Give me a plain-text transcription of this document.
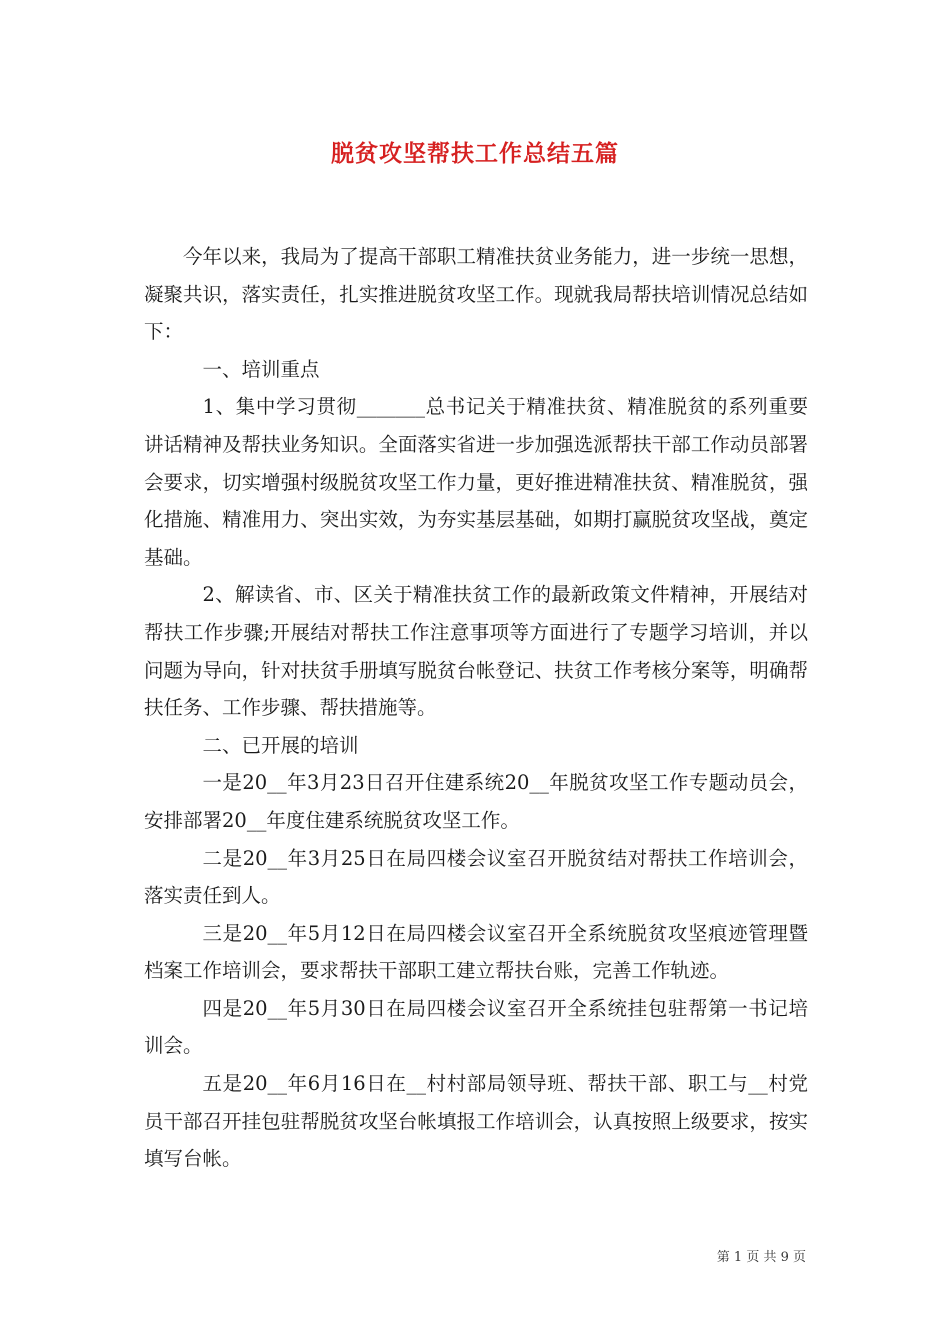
脱贫攻坚帮扶工作总结五篇

今年以来，我局为了提高干部职工精准扶贫业务能力，进一步统一思想，凝聚共识，落实责任，扎实推进脱贫攻坚工作。现就我局帮扶培训情况总结如下：

一、培训重点

1、集中学习贯彻_______总书记关于精准扶贫、精准脱贫的系列重要讲话精神及帮扶业务知识。全面落实省进一步加强选派帮扶干部工作动员部署会要求，切实增强村级脱贫攻坚工作力量，更好推进精准扶贫、精准脱贫，强化措施、精准用力、突出实效，为夯实基层基础，如期打赢脱贫攻坚战，奠定基础。

2、解读省、市、区关于精准扶贫工作的最新政策文件精神，开展结对帮扶工作步骤;开展结对帮扶工作注意事项等方面进行了专题学习培训，并以问题为导向，针对扶贫手册填写脱贫台帐登记、扶贫工作考核分案等，明确帮扶任务、工作步骤、帮扶措施等。

二、已开展的培训

一是20__年3月23日召开住建系统20__年脱贫攻坚工作专题动员会，安排部署20__年度住建系统脱贫攻坚工作。

二是20__年3月25日在局四楼会议室召开脱贫结对帮扶工作培训会，落实责任到人。

三是20__年5月12日在局四楼会议室召开全系统脱贫攻坚痕迹管理暨档案工作培训会，要求帮扶干部职工建立帮扶台账，完善工作轨迹。

四是20__年5月30日在局四楼会议室召开全系统挂包驻帮第一书记培训会。

五是20__年6月16日在__村村部局领导班、帮扶干部、职工与__村党员干部召开挂包驻帮脱贫攻坚台帐填报工作培训会，认真按照上级要求，按实填写台帐。

第 1 页 共 9 页
